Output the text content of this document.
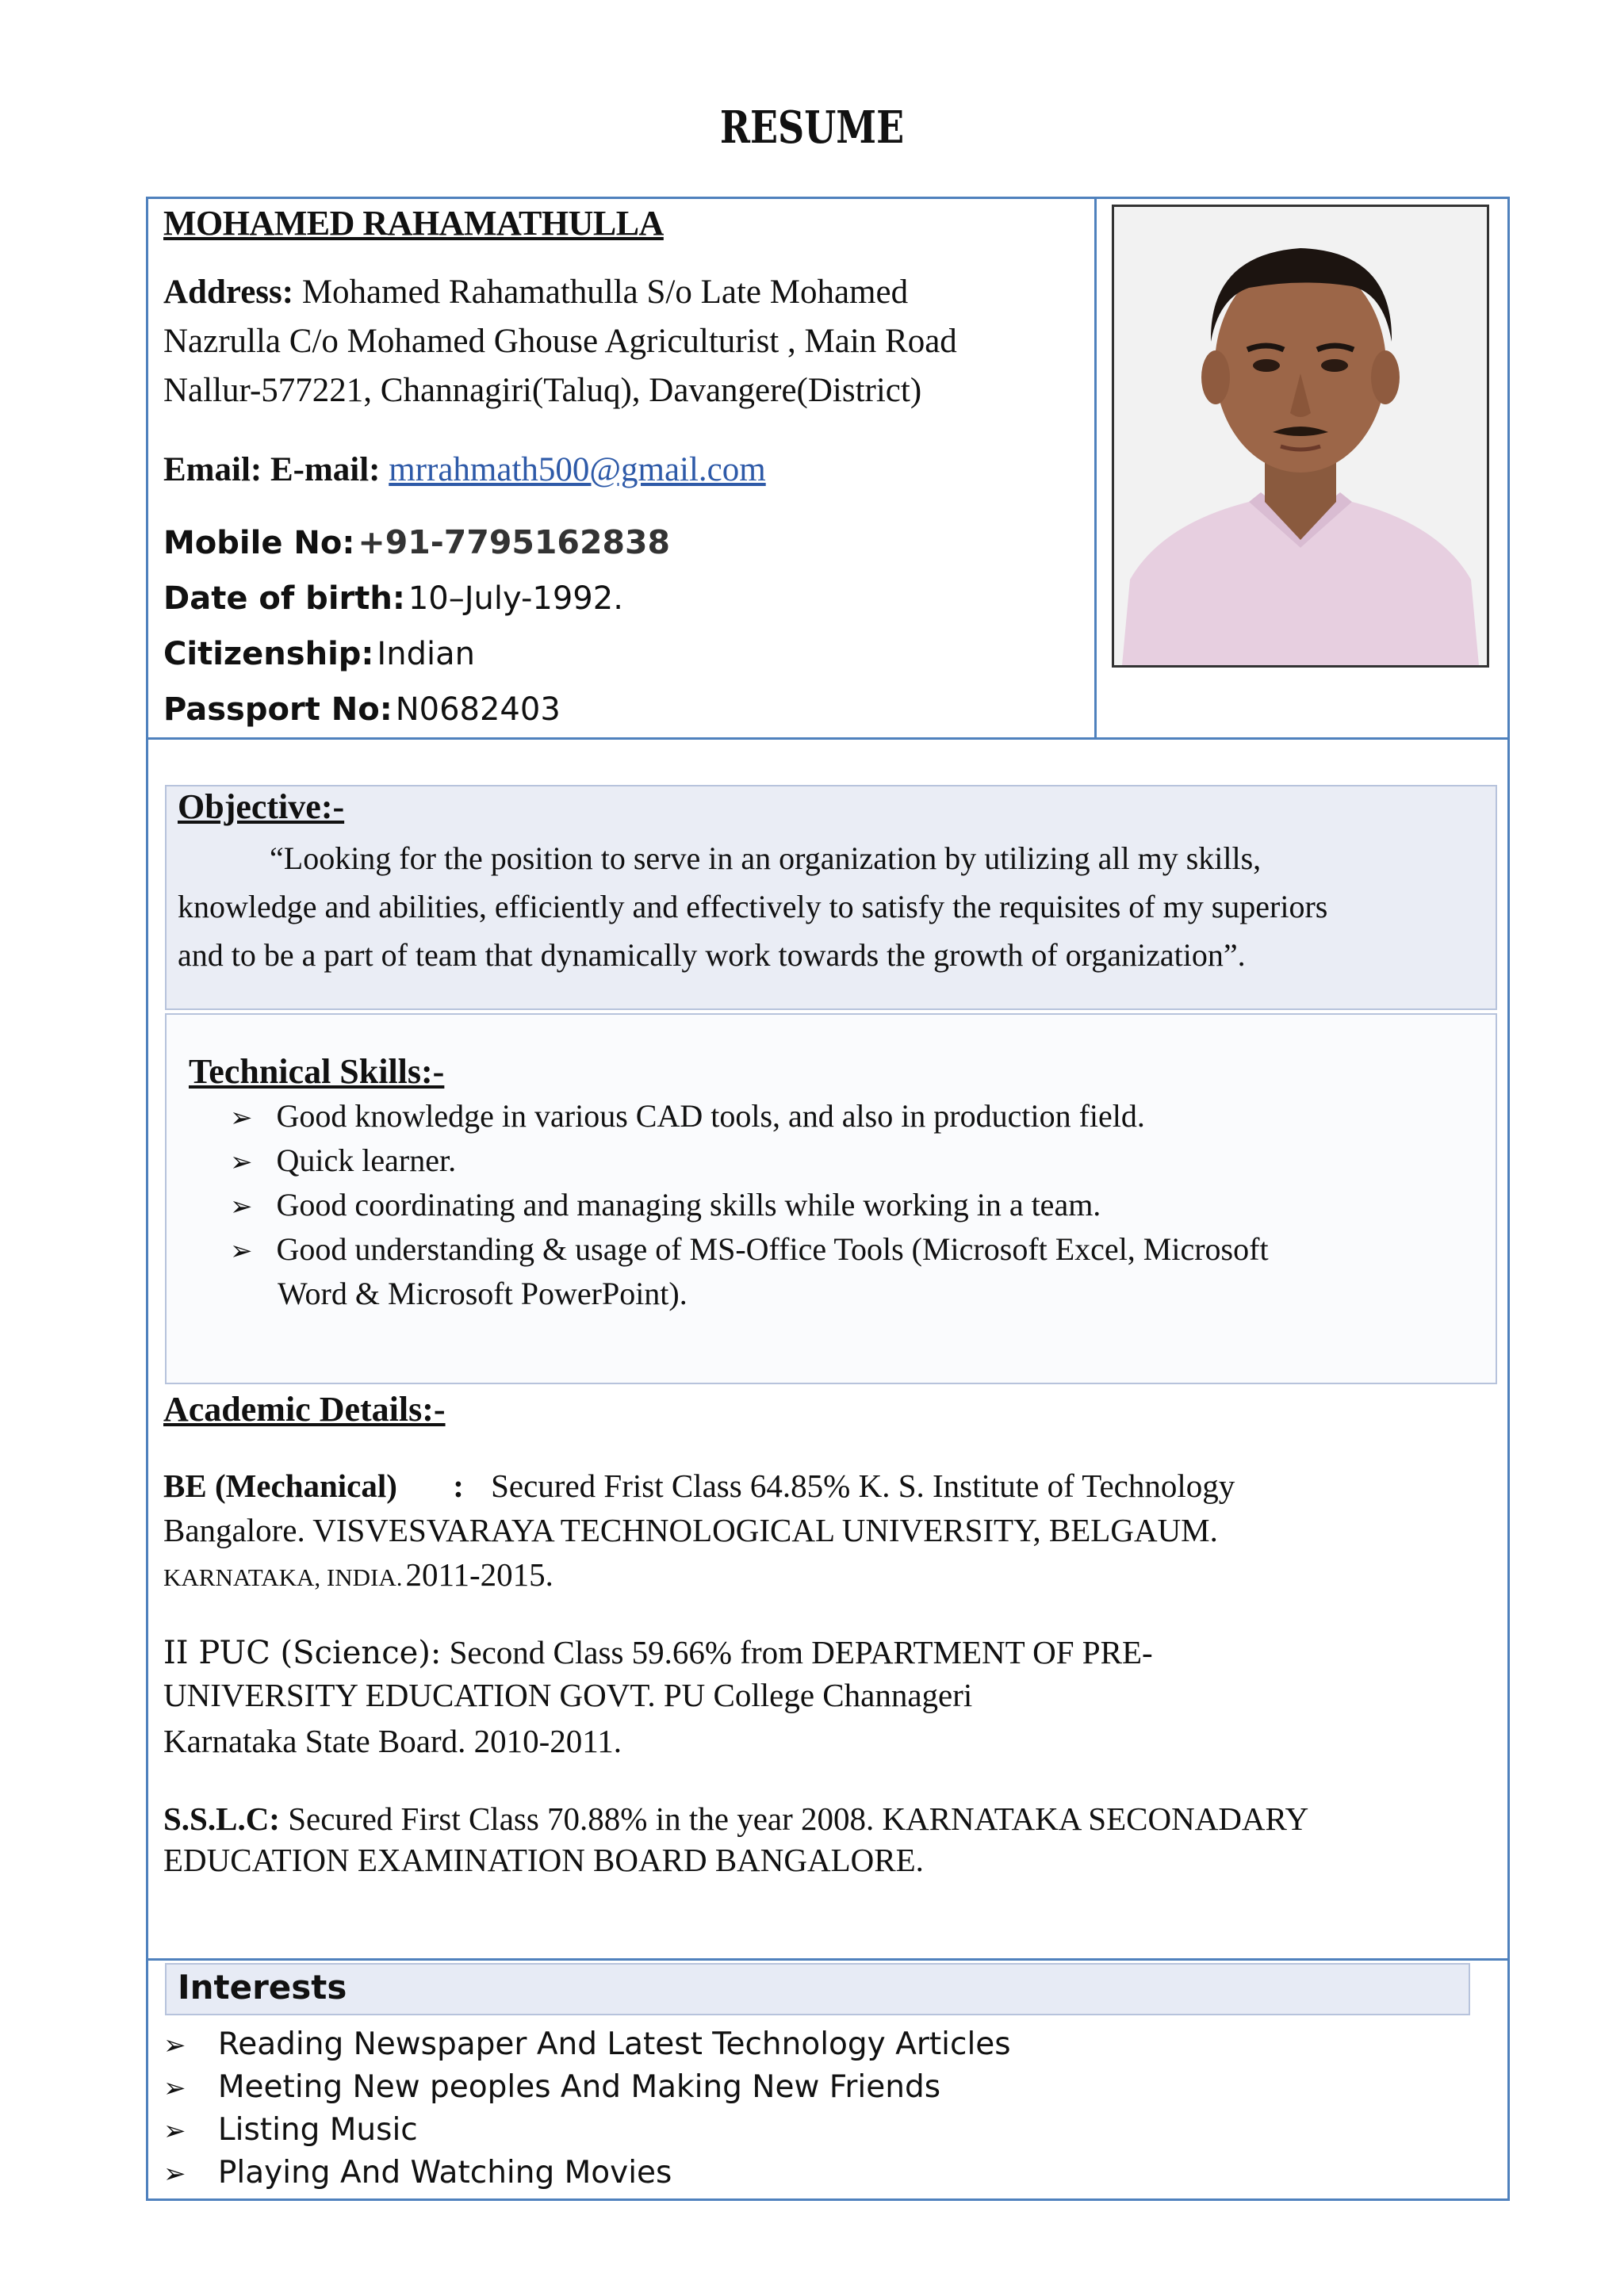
RESUME
MOHAMED RAHAMATHULLA
Address: Mohamed Rahamathulla S/o Late Mohamed
Nazrulla C/o Mohamed Ghouse Agriculturist , Main Road
Nallur-577221, Channagiri(Taluq), Davangere(District)
Email: E-mail: mrrahmath500@gmail.com
Mobile No: +91-7795162838
Date of birth: 10–July-1992.
Citizenship: Indian
Passport No: N0682403
Objective:-
“Looking for the position to serve in an organization by utilizing all my skills,
knowledge and abilities, efficiently and effectively to satisfy the requisites of my superiors
and to be a part of team that dynamically work towards the growth of organization”.
Technical Skills:-
➢ Good knowledge in various CAD tools, and also in production field.
➢ Quick learner.
➢ Good coordinating and managing skills while working in a team.
➢ Good understanding & usage of MS-Office Tools (Microsoft Excel, Microsoft
Word & Microsoft PowerPoint).
Academic Details:-
BE (Mechanical) : Secured Frist Class 64.85% K. S. Institute of Technology
Bangalore. VISVESVARAYA TECHNOLOGICAL UNIVERSITY, BELGAUM.
KARNATAKA, INDIA. 2011-2015.
II PUC (Science): Second Class 59.66% from DEPARTMENT OF PRE-
UNIVERSITY EDUCATION GOVT. PU College Channageri
Karnataka State Board. 2010-2011.
S.S.L.C: Secured First Class 70.88% in the year 2008. KARNATAKA SECONADARY
EDUCATION EXAMINATION BOARD BANGALORE.
Interests
➢ Reading Newspaper And Latest Technology Articles
➢ Meeting New peoples And Making New Friends
➢ Listing Music
➢ Playing And Watching Movies
